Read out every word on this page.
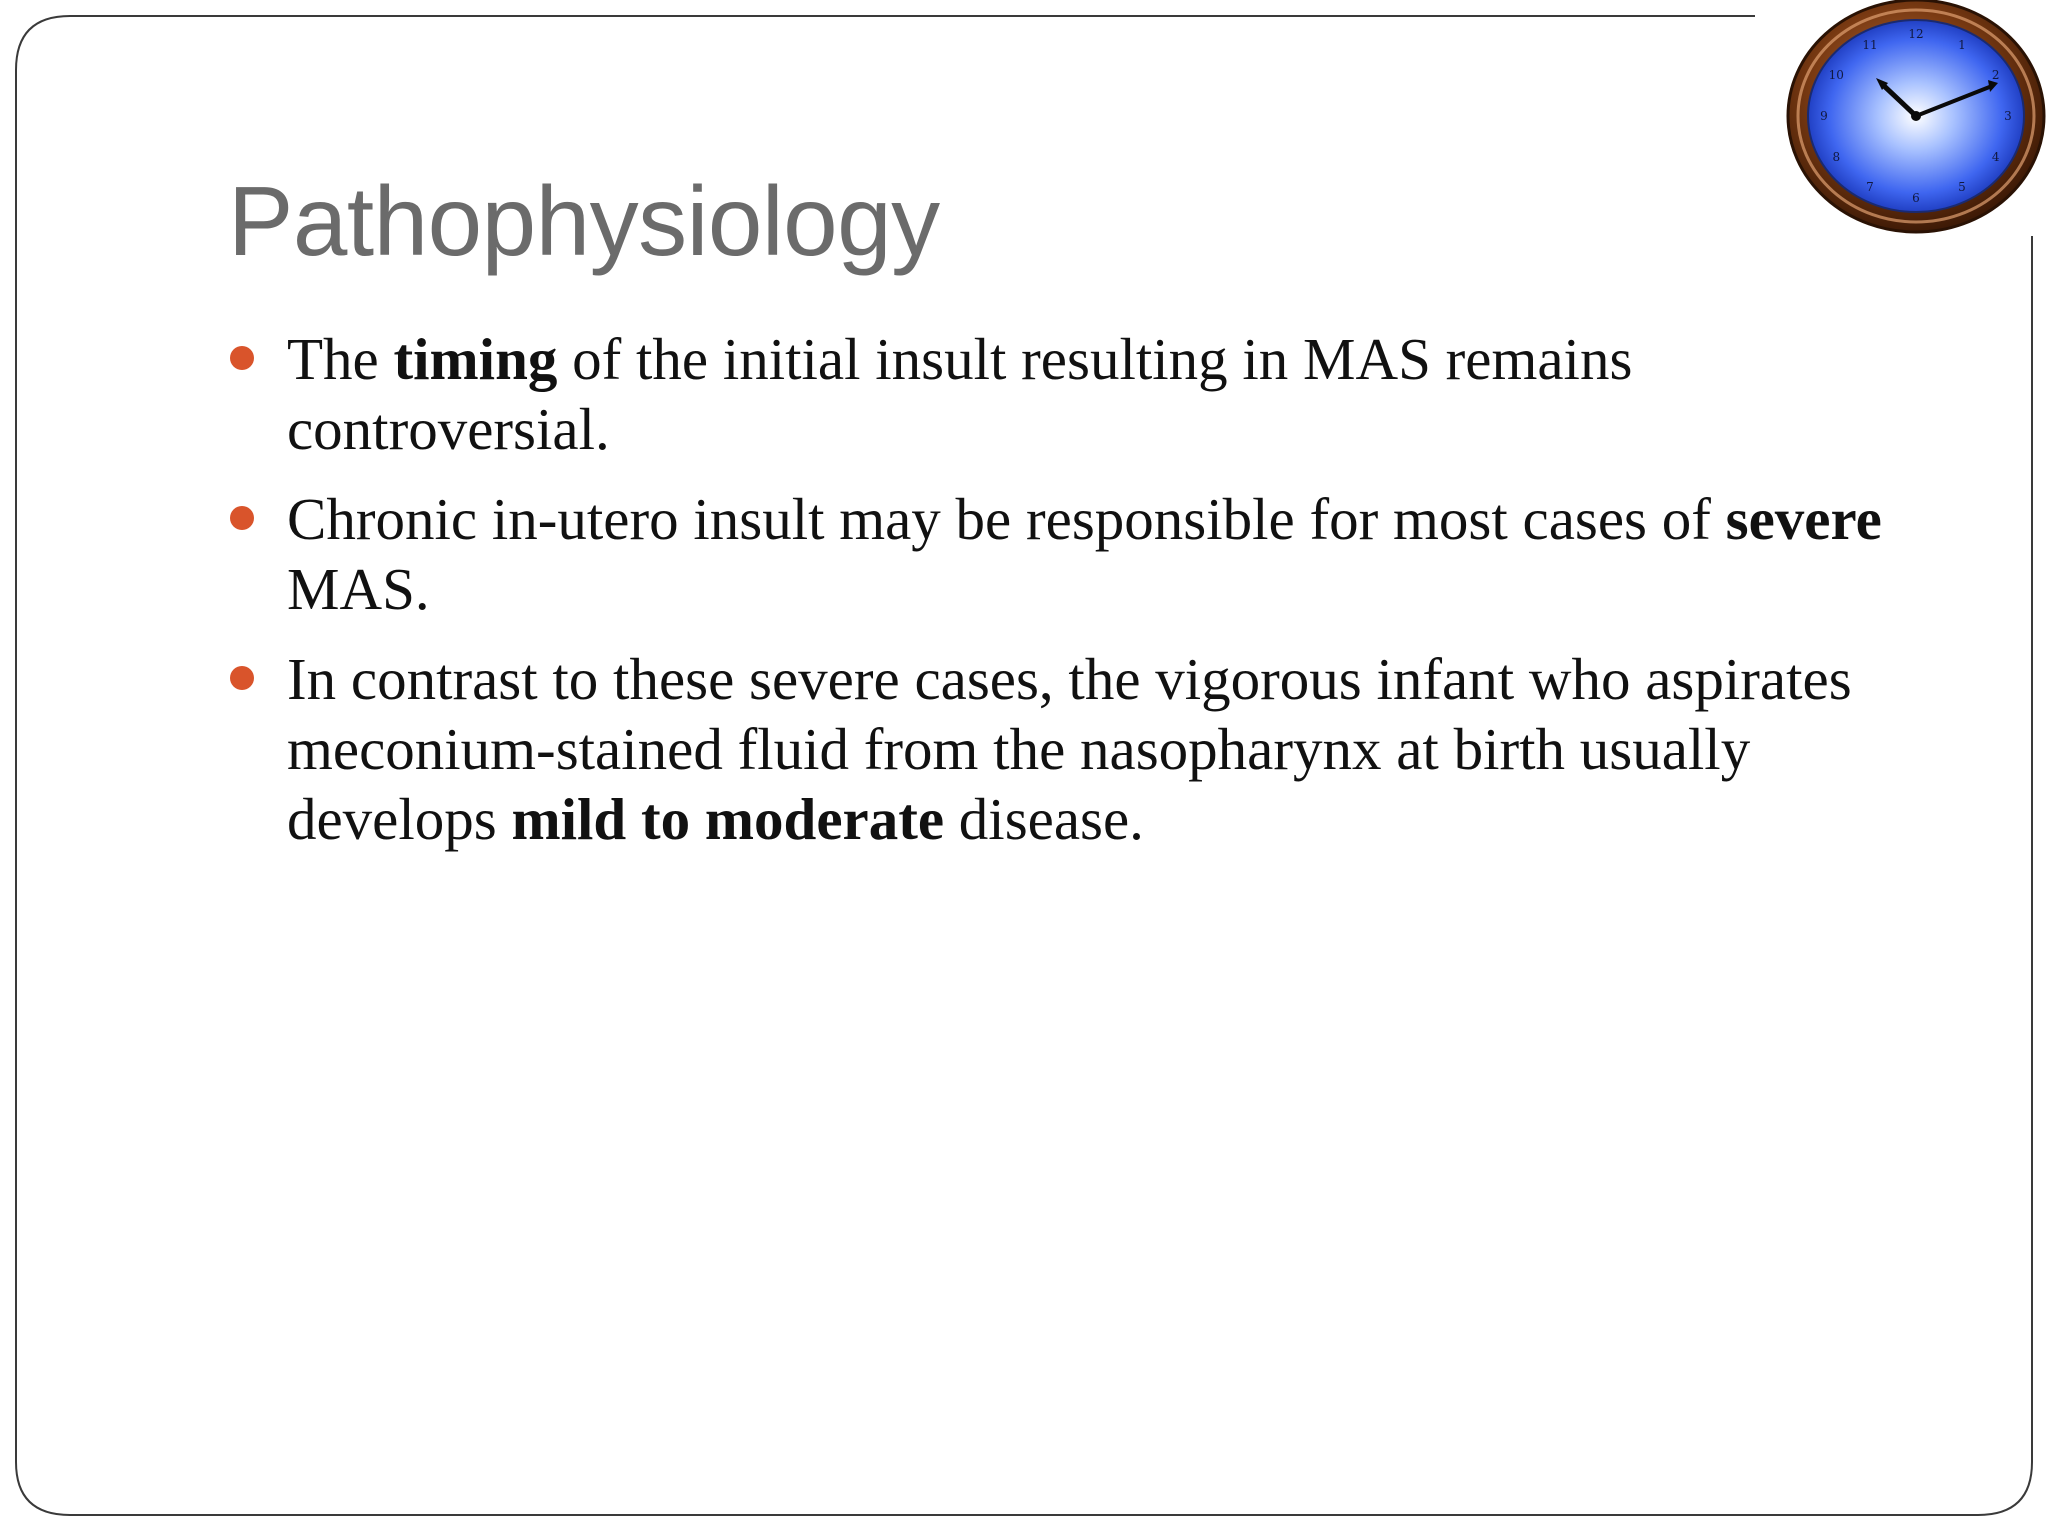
12
1
2
3
4
5
6
7
8
9
10
11
Pathophysiology
The timing of the initial insult resulting in MAS remains controversial.
Chronic in-utero insult may be responsible for most cases of severe MAS.
In contrast to these severe cases, the vigorous infant who aspirates meconium-stained fluid from the nasopharynx at birth usually develops mild to moderate disease.
